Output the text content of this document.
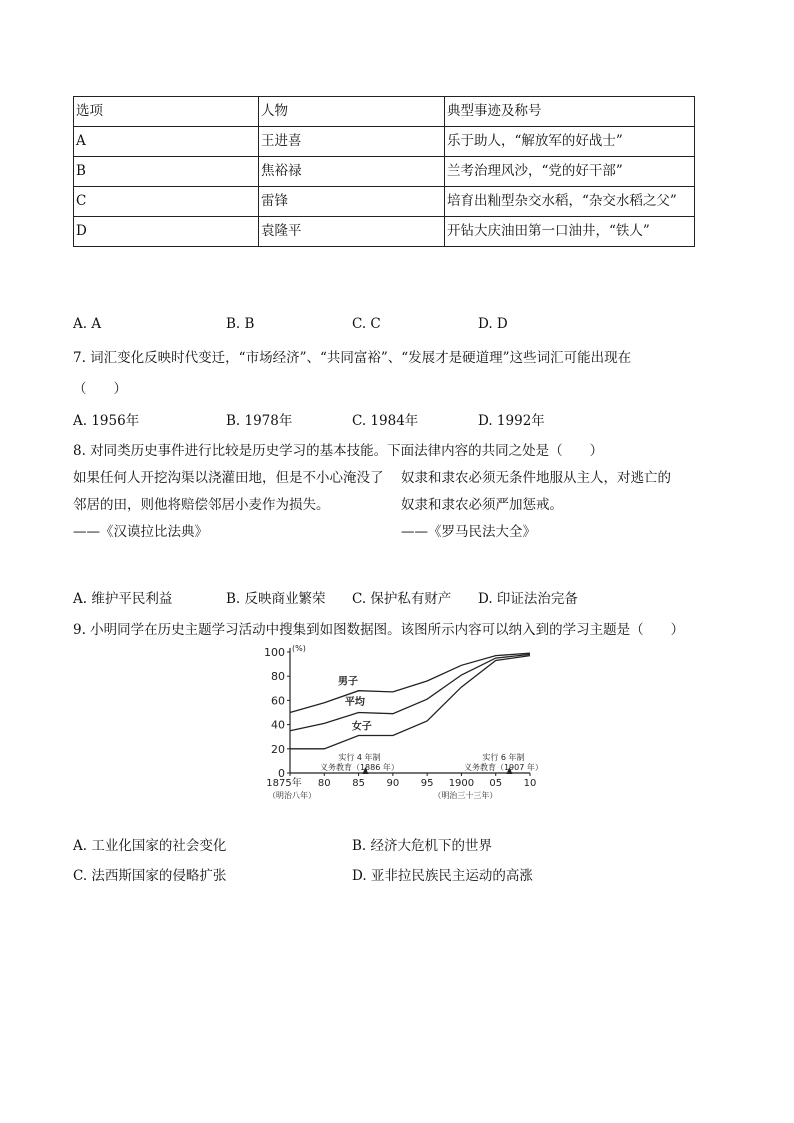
选项	人物	典型事迹及称号
A	王进喜	乐于助人，“解放军的好战士”
B	焦裕禄	兰考治理风沙，“党的好干部”
C	雷锋	培育出籼型杂交水稻，“杂交水稻之父”
D	袁隆平	开钻大庆油田第一口油井，“铁人”
A. A	B. B	C. C	D. D
7. 词汇变化反映时代变迁，“市场经济”、“共同富裕”、“发展才是硬道理”这些词汇可能出现在
（　　）
A. 1956年	B. 1978年	C. 1984年	D. 1992年
8. 对同类历史事件进行比较是历史学习的基本技能。下面法律内容的共同之处是（　　）
如果任何人开挖沟渠以浇灌田地，但是不小心淹没了
邻居的田，则他将赔偿邻居小麦作为损失。
——《汉谟拉比法典》
奴隶和隶农必须无条件地服从主人，对逃亡的
奴隶和隶农必须严加惩戒。
——《罗马民法大全》
A. 维护平民利益	B. 反映商业繁荣 C. 保护私有财产 D. 印证法治完备
9. 小明同学在历史主题学习活动中搜集到如图数据图。该图所示内容可以纳入到的学习主题是（　　）
0
20
40
60
80
100 (%)
1875年 80 85 90 95 1900 05 10
（明治八年）	（明治三十三年）
男子
平均
女子
实行 4 年制
义务教育（1886 年）
实行 6 年制
义务教育（1907 年）
A. 工业化国家的社会变化	B. 经济大危机下的世界
C. 法西斯国家的侵略扩张	D. 亚非拉民族民主运动的高涨
